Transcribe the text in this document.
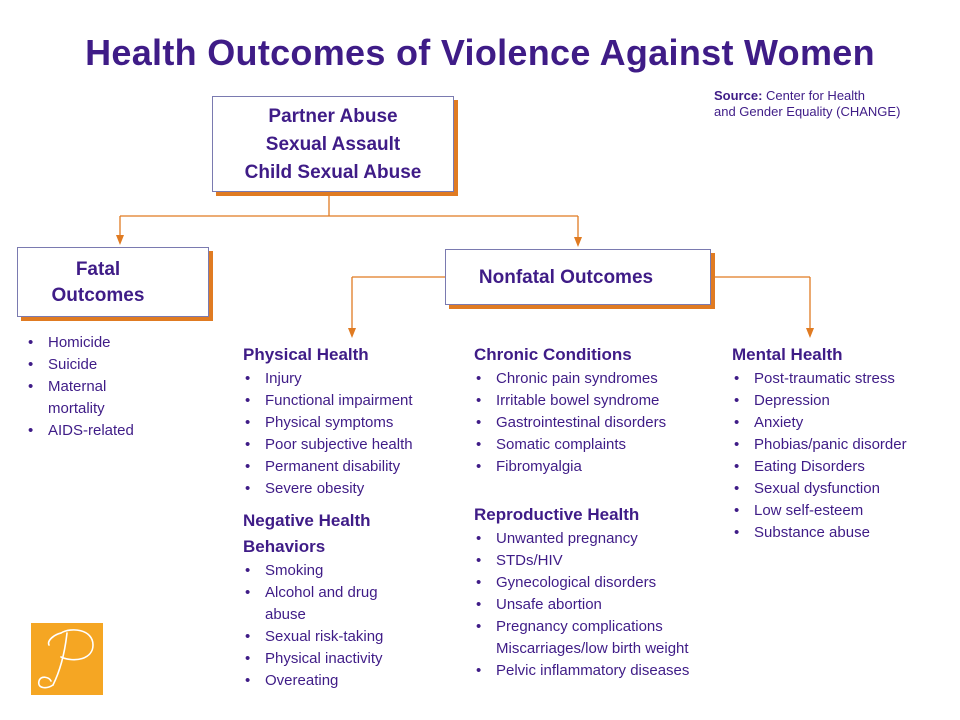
Health Outcomes of Violence Against Women
Source: Center for Health
and Gender Equality (CHANGE)
Partner Abuse
Sexual Assault
Child Sexual Abuse
Fatal
Outcomes
Nonfatal Outcomes
• Homicide
• Suicide
• Maternal mortality
• AIDS-related
Physical Health
• Injury
• Functional impairment
• Physical symptoms
• Poor subjective health
• Permanent disability
• Severe obesity
Negative Health
Behaviors
• Smoking
• Alcohol and drug abuse
• Sexual risk-taking
• Physical inactivity
• Overeating
Chronic Conditions
• Chronic pain syndromes
• Irritable bowel syndrome
• Gastrointestinal disorders
• Somatic complaints
• Fibromyalgia
Reproductive Health
• Unwanted pregnancy
• STDs/HIV
• Gynecological disorders
• Unsafe abortion
• Pregnancy complications Miscarriages/low birth weight
• Pelvic inflammatory diseases
Mental Health
• Post-traumatic stress
• Depression
• Anxiety
• Phobias/panic disorder
• Eating Disorders
• Sexual dysfunction
• Low self-esteem
• Substance abuse
